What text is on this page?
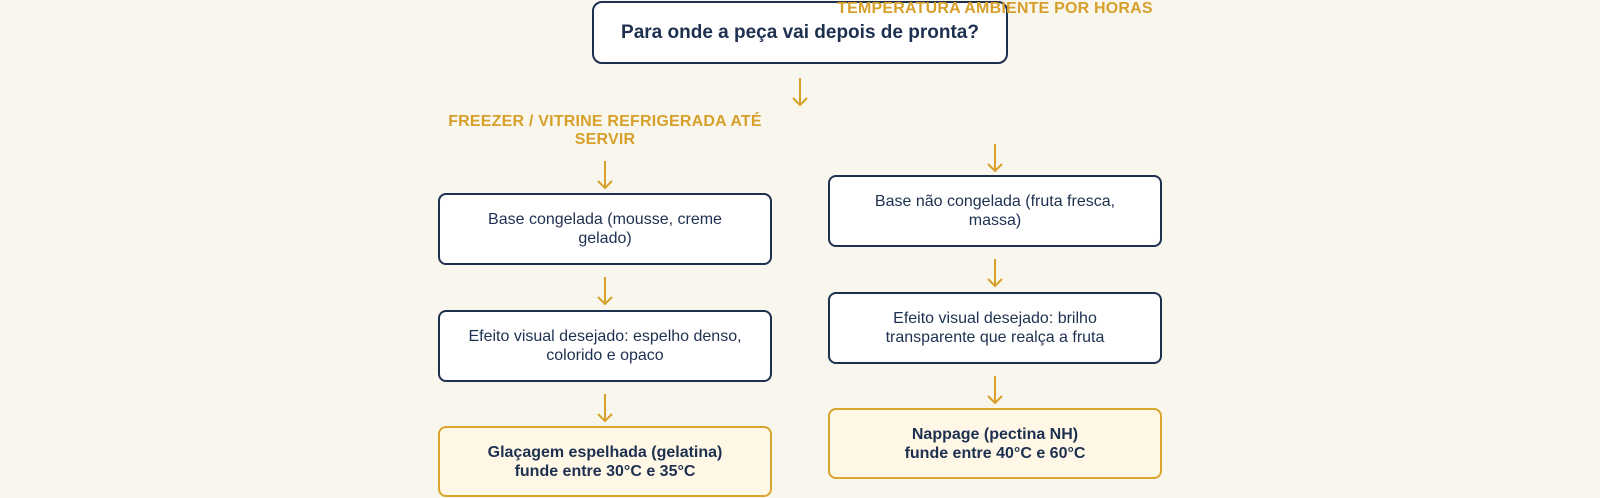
Para onde a peça vai depois de pronta?
FREEZER / VITRINE REFRIGERADA ATÉ SERVIR
Base congelada (mousse, creme gelado)
Efeito visual desejado: espelho denso, colorido e opaco
Glaçagem espelhada (gelatina)
funde entre 30°C e 35°C
TEMPERATURA AMBIENTE POR HORAS
Base não congelada (fruta fresca, massa)
Efeito visual desejado: brilho transparente que realça a fruta
Nappage (pectina NH)
funde entre 40°C e 60°C
